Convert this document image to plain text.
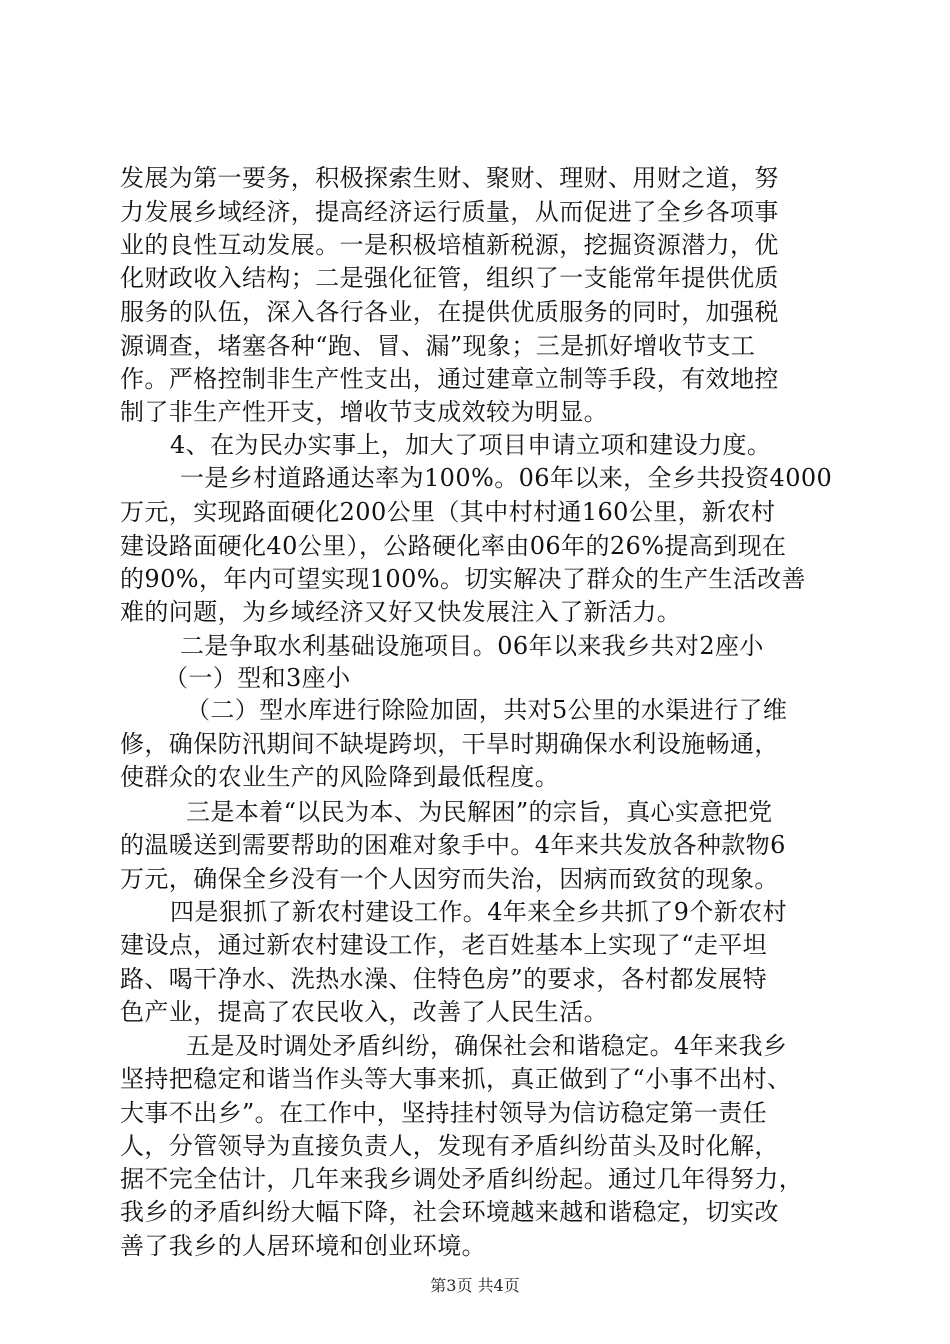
发展为第一要务，积极探索生财、聚财、理财、用财之道，努
力发展乡域经济，提高经济运行质量，从而促进了全乡各项事
业的良性互动发展。一是积极培植新税源，挖掘资源潜力，优
化财政收入结构；二是强化征管，组织了一支能常年提供优质
服务的队伍，深入各行各业，在提供优质服务的同时，加强税
源调查，堵塞各种“跑、冒、漏”现象；三是抓好增收节支工
作。严格控制非生产性支出，通过建章立制等手段，有效地控
制了非生产性开支，增收节支成效较为明显。
4、在为民办实事上，加大了项目申请立项和建设力度。
一是乡村道路通达率为100%。06年以来，全乡共投资4000
万元，实现路面硬化200公里（其中村村通160公里，新农村
建设路面硬化40公里），公路硬化率由06年的26%提高到现在
的90%，年内可望实现100%。切实解决了群众的生产生活改善
难的问题，为乡域经济又好又快发展注入了新活力。
二是争取水利基础设施项目。06年以来我乡共对2座小
（一）型和3座小
（二）型水库进行除险加固，共对5公里的水渠进行了维
修，确保防汛期间不缺堤跨坝，干旱时期确保水利设施畅通，
使群众的农业生产的风险降到最低程度。
三是本着“以民为本、为民解困”的宗旨，真心实意把党
的温暖送到需要帮助的困难对象手中。4年来共发放各种款物6
万元，确保全乡没有一个人因穷而失治，因病而致贫的现象。
四是狠抓了新农村建设工作。4年来全乡共抓了9个新农村
建设点，通过新农村建设工作，老百姓基本上实现了“走平坦
路、喝干净水、洗热水澡、住特色房”的要求，各村都发展特
色产业，提高了农民收入，改善了人民生活。
五是及时调处矛盾纠纷，确保社会和谐稳定。4年来我乡
坚持把稳定和谐当作头等大事来抓，真正做到了“小事不出村、
大事不出乡”。在工作中，坚持挂村领导为信访稳定第一责任
人，分管领导为直接负责人，发现有矛盾纠纷苗头及时化解，
据不完全估计，几年来我乡调处矛盾纠纷起。通过几年得努力，
我乡的矛盾纠纷大幅下降，社会环境越来越和谐稳定，切实改
善了我乡的人居环境和创业环境。
第3页 共4页
